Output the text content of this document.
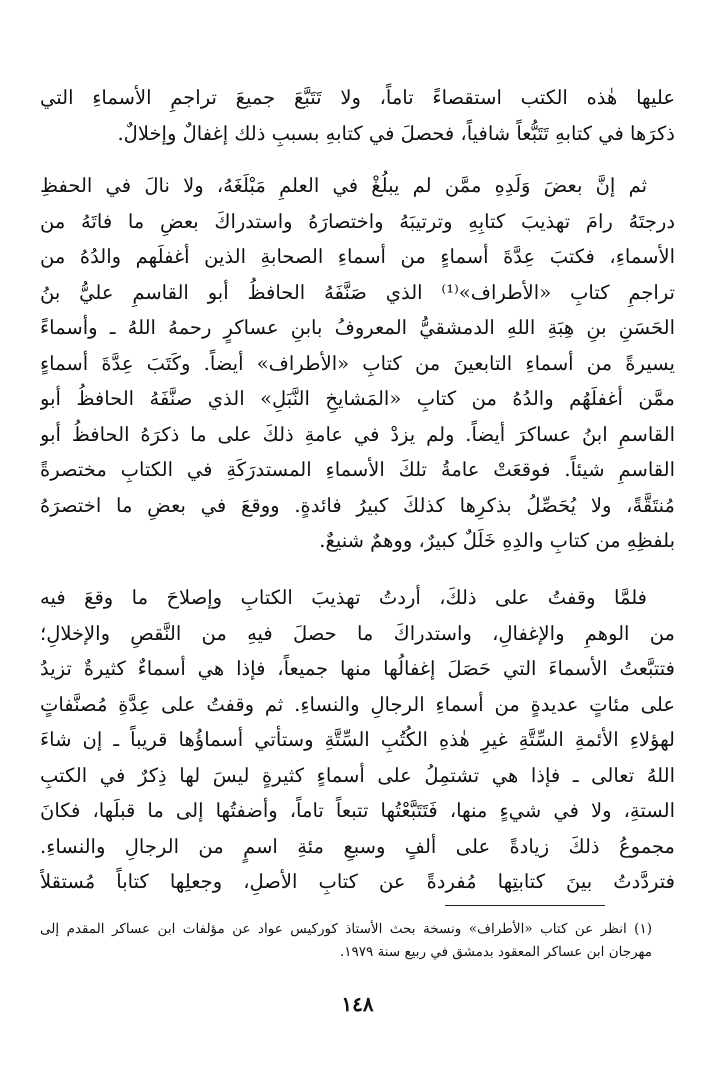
عليها هٰذه الكتب استقصاءً تاماً، ولا تَتَبَّعَ جميعَ تراجمِ الأسماءِ التي
ذكرَها في كتابهِ تَتَبُّعاً شافياً، فحصلَ في كتابهِ بسببِ ذلك إغفالٌ وإخلالٌ.
ثم إنَّ بعضَ وَلَدِهِ ممَّن لم يبلُغْ في العلمِ مَبْلَغَهُ، ولا نالَ في الحفظِ
درجتَهُ رامَ تهذيبَ كتابِهِ وترتيبَهُ واختصارَهُ واستدراكَ بعضِ ما فاتَهُ من
الأسماءِ، فكتبَ عِدَّةَ أسماءٍ من أسماءِ الصحابةِ الذين أغفلَهم والدُهُ من
تراجمِ كتابِ «الأطراف»⁽¹⁾ الذي صَنَّفَهُ الحافظُ أبو القاسمِ عليُّ بنُ
الحَسَنِ بنِ هِبَةِ اللهِ الدمشقيُّ المعروفُ بابنِ عساكرٍ رحمهُ اللهُ ـ وأسماءً
يسيرةً من أسماءِ التابعينَ من كتابِ «الأطراف» أيضاً. وكَتَبَ عِدَّةَ أسماءٍ
ممَّن أغفلَهُم والدُهُ من كتابِ «المَشايخِ النَّبَلِ» الذي صنَّفَهُ الحافظُ أبو
القاسمِ ابنُ عساكرَ أيضاً. ولم يزدْ في عامةِ ذلكَ على ما ذكرَهُ الحافظُ أبو
القاسمِ شيئاً. فوقعَتْ عامةُ تلكَ الأسماءِ المستدرَكَةِ في الكتابِ مختصرةً
مُنتَقَّةً، ولا يُحَصِّلُ بذكرِها كذلكَ كبيرُ فائدةٍ. ووقعَ في بعضِ ما اختصرَهُ
بلفظِهِ من كتابِ والدِهِ خَلَلٌ كبيرٌ، ووهمٌ شنيعٌ.
فلمَّا وقفتُ على ذلكَ، أردتُ تهذيبَ الكتابِ وإصلاحَ ما وقعَ فيه
من الوهمِ والإغفالِ، واستدراكَ ما حصلَ فيهِ من النَّقصِ والإخلالِ؛
فتتبَّعتُ الأسماءَ التي حَصَلَ إغفالُها منها جميعاً، فإذا هي أسماءٌ كثيرةٌ تزيدُ
على مئاتٍ عديدةٍ من أسماءِ الرجالِ والنساءِ. ثم وقفتُ على عِدَّةِ مُصنَّفاتٍ
لهؤلاءِ الأئمةِ السِّتَّةِ غيرِ هٰذهِ الكُتُبِ السِّتَّةِ وستأتي أسماؤُها قريباً ـ إن شاءَ
اللهُ تعالى ـ فإذا هي تشتمِلُ على أسماءٍ كثيرةٍ ليسَ لها ذِكرٌ في الكتبِ
الستةِ، ولا في شيءٍ منها، فَتَتَبَّعْتُها تتبعاً تاماً، وأضفتُها إلى ما قبلَها، فكانَ
مجموعُ ذلكَ زيادةً على ألفٍ وسبعِ مئةِ اسمٍ من الرجالِ والنساءِ.
فتردَّدتُ بينَ كتابتِها مُفردةً عن كتابِ الأصلِ، وجعلِها كتاباً مُستقلاً
(١) انظر عن كتاب «الأطراف» ونسخة بحث الأستاذ كوركيس عواد عن مؤلفات ابن عساكر المقدم إلى
مهرجان ابن عساكر المعقود بدمشق في ربيع سنة ١٩٧٩.
١٤٨
